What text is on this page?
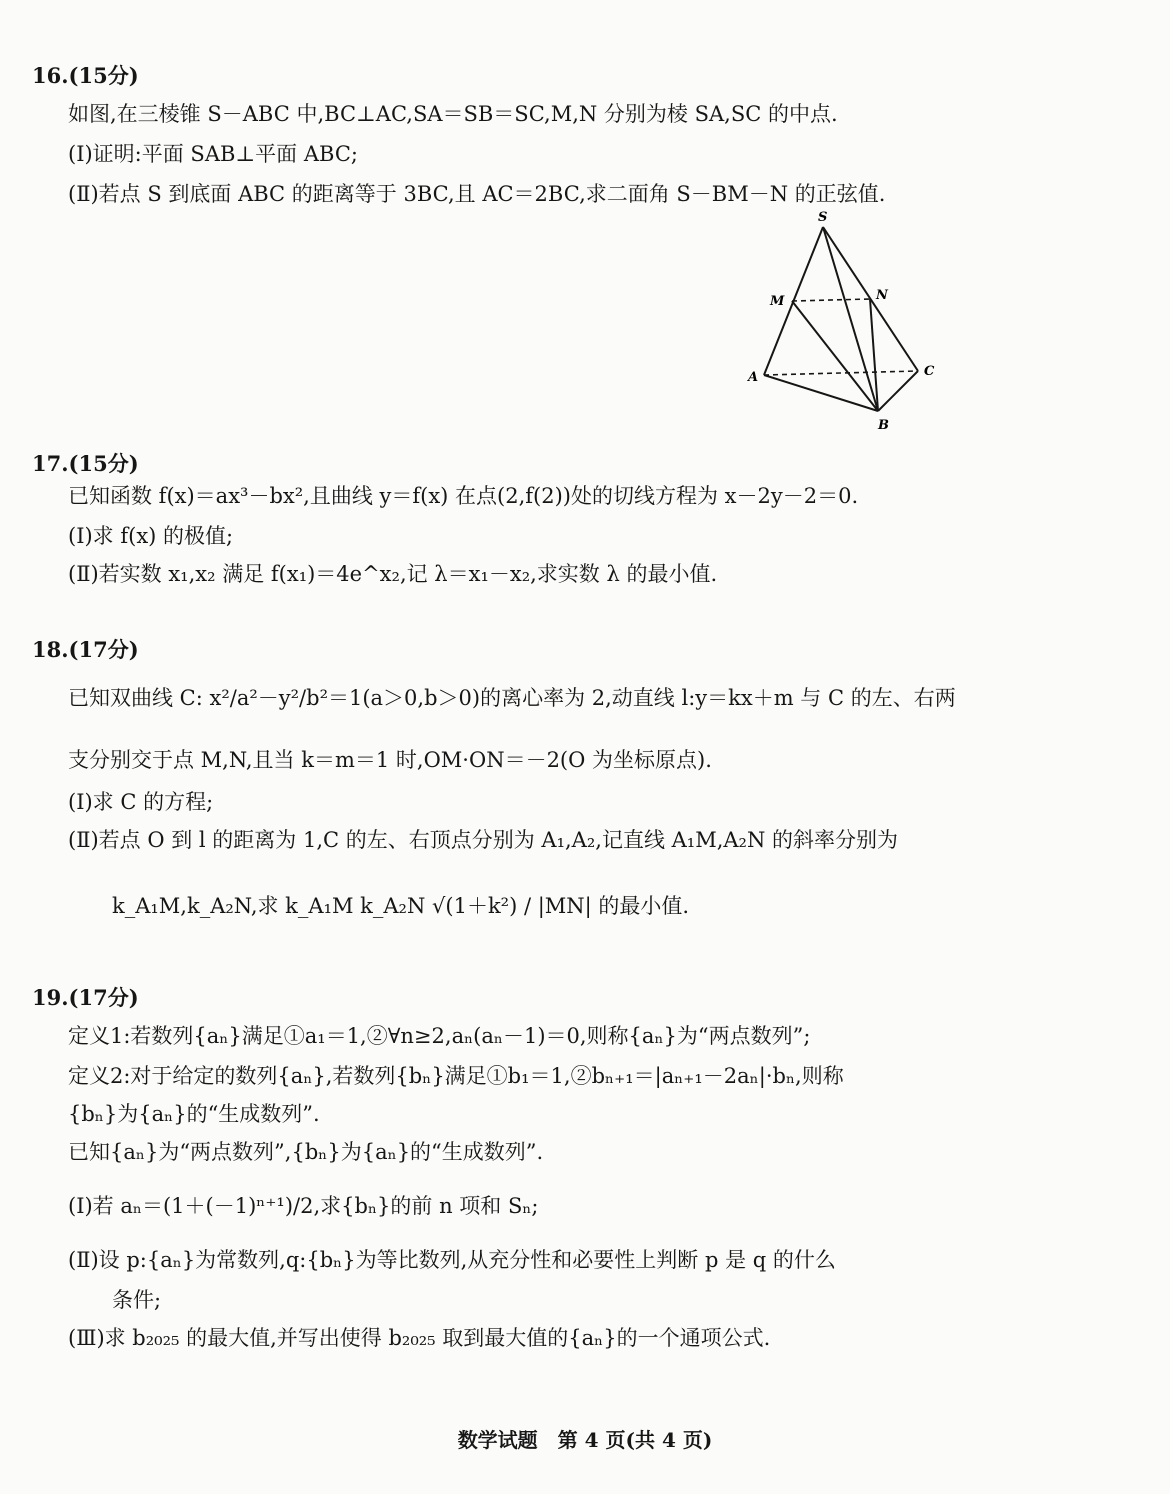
16.(15分)
如图,在三棱锥 S－ABC 中,BC⊥AC,SA＝SB＝SC,M,N 分别为棱 SA,SC 的中点.
(Ⅰ)证明:平面 SAB⊥平面 ABC;
(Ⅱ)若点 S 到底面 ABC 的距离等于 3BC,且 AC＝2BC,求二面角 S－BM－N 的正弦值.
S
M	N
A	C
B
17.(15分)
已知函数 f(x)＝ax³－bx²,且曲线 y＝f(x) 在点(2,f(2))处的切线方程为 x－2y－2＝0.
(Ⅰ)求 f(x) 的极值;
(Ⅱ)若实数 x₁,x₂ 满足 f(x₁)＝4e^x₂,记 λ＝x₁－x₂,求实数 λ 的最小值.
18.(17分)
已知双曲线 C: x²/a²－y²/b²＝1(a＞0,b＞0)的离心率为 2,动直线 l:y＝kx＋m 与 C 的左、右两
支分别交于点 M,N,且当 k＝m＝1 时,OM·ON＝－2(O 为坐标原点).
(Ⅰ)求 C 的方程;
(Ⅱ)若点 O 到 l 的距离为 1,C 的左、右顶点分别为 A₁,A₂,记直线 A₁M,A₂N 的斜率分别为
k_A₁M,k_A₂N,求 k_A₁M k_A₂N √(1＋k²) / |MN| 的最小值.
19.(17分)
定义1:若数列{aₙ}满足①a₁＝1,②∀n≥2,aₙ(aₙ－1)＝0,则称{aₙ}为“两点数列”;
定义2:对于给定的数列{aₙ},若数列{bₙ}满足①b₁＝1,②bₙ₊₁＝|aₙ₊₁－2aₙ|·bₙ,则称
{bₙ}为{aₙ}的“生成数列”.
已知{aₙ}为“两点数列”,{bₙ}为{aₙ}的“生成数列”.
(Ⅰ)若 aₙ＝(1＋(－1)ⁿ⁺¹)/2,求{bₙ}的前 n 项和 Sₙ;
(Ⅱ)设 p:{aₙ}为常数列,q:{bₙ}为等比数列,从充分性和必要性上判断 p 是 q 的什么
条件;
(Ⅲ)求 b₂₀₂₅ 的最大值,并写出使得 b₂₀₂₅ 取到最大值的{aₙ}的一个通项公式.
数学试题　第 4 页(共 4 页)
